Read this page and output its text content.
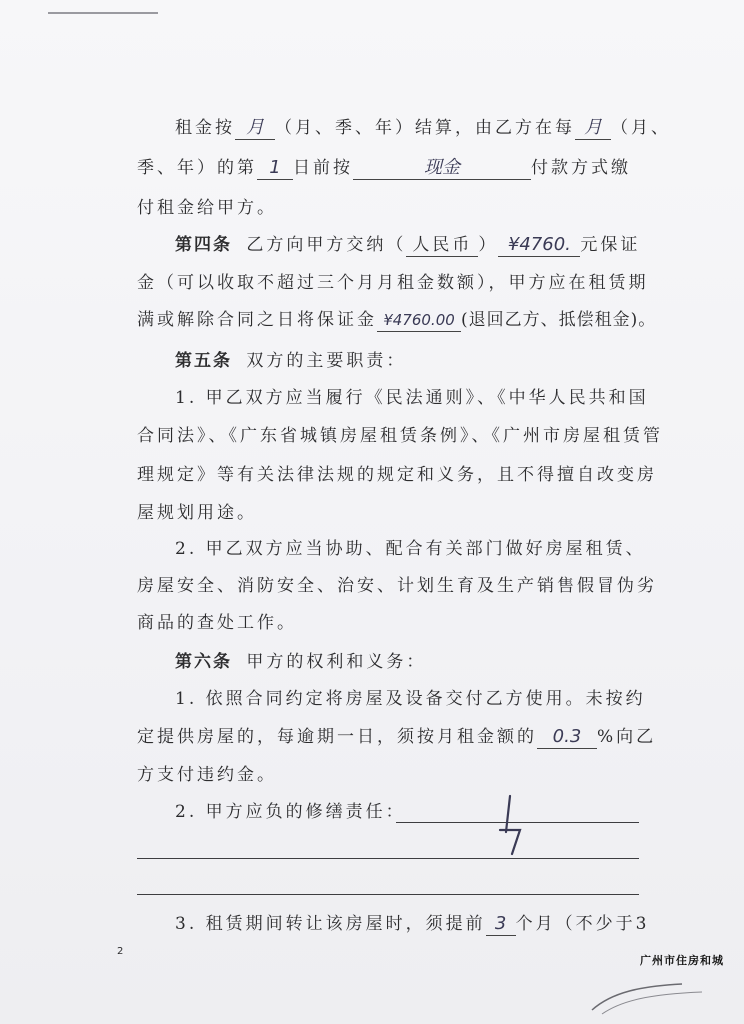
租金按 月 （月、季、年）结算，由乙方在每 月 （月、
季、年）的第 1 日前按	现金	付款方式缴
付租金给甲方。
第四条 乙方向甲方交纳（ 人民币 ） ¥4760. 元保证
金（可以收取不超过三个月月租金数额），甲方应在租赁期
满或解除合同之日将保证金 ¥4760.00 (退回乙方、抵偿租金)。
第五条 双方的主要职责：
1. 甲乙双方应当履行《民法通则》、《中华人民共和国
合同法》、《广东省城镇房屋租赁条例》、《广州市房屋租赁管
理规定》等有关法律法规的规定和义务，且不得擅自改变房
屋规划用途。
2. 甲乙双方应当协助、配合有关部门做好房屋租赁、
房屋安全、消防安全、治安、计划生育及生产销售假冒伪劣
商品的查处工作。
第六条 甲方的权利和义务：
1. 依照合同约定将房屋及设备交付乙方使用。未按约
定提供房屋的，每逾期一日，须按月租金额的 0.3 %向乙
方支付违约金。
2. 甲方应负的修缮责任：
3. 租赁期间转让该房屋时，须提前 3 个月（不少于3
2
广州市住房和城
